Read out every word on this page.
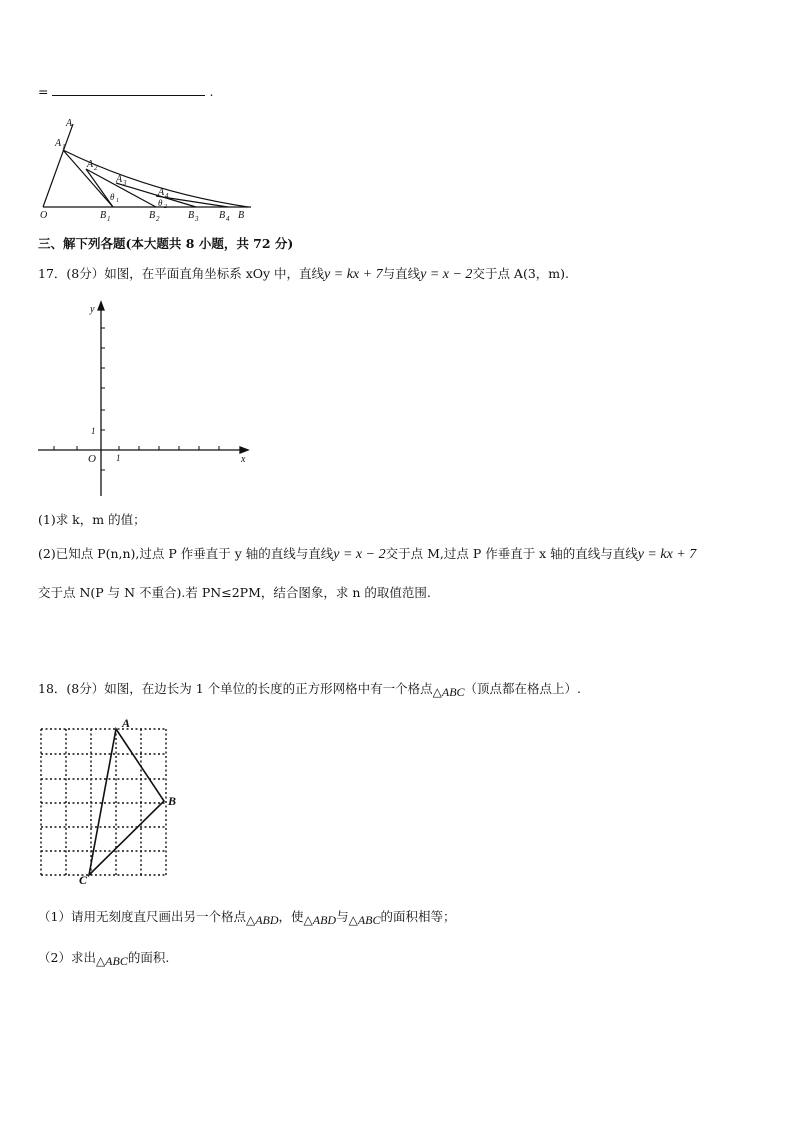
=	.
A
A 1
A 2
A 3
A 4
θ 1	θ 2
O	B 1	B 2	B 3 B 4 B
三、解下列各题(本大题共 8 小题，共 72 分)
17．(8分）如图，在平面直角坐标系 xOy 中，直线y = kx + 7与直线y = x − 2交于点 A(3，m).
y
x
O
1
1
(1)求 k，m 的值；
(2)已知点 P(n,n),过点 P 作垂直于 y 轴的直线与直线y = x − 2交于点 M,过点 P 作垂直于 x 轴的直线与直线y = kx + 7
交于点 N(P 与 N 不重合).若 PN≤2PM，结合图象，求 n 的取值范围.
18．(8分）如图，在边长为 1 个单位的长度的正方形网格中有一个格点△ABC（顶点都在格点上）.
A
B
C
（1）请用无刻度直尺画出另一个格点△ABD，使△ABD与△ABC的面积相等；
（2）求出△ABC的面积.
